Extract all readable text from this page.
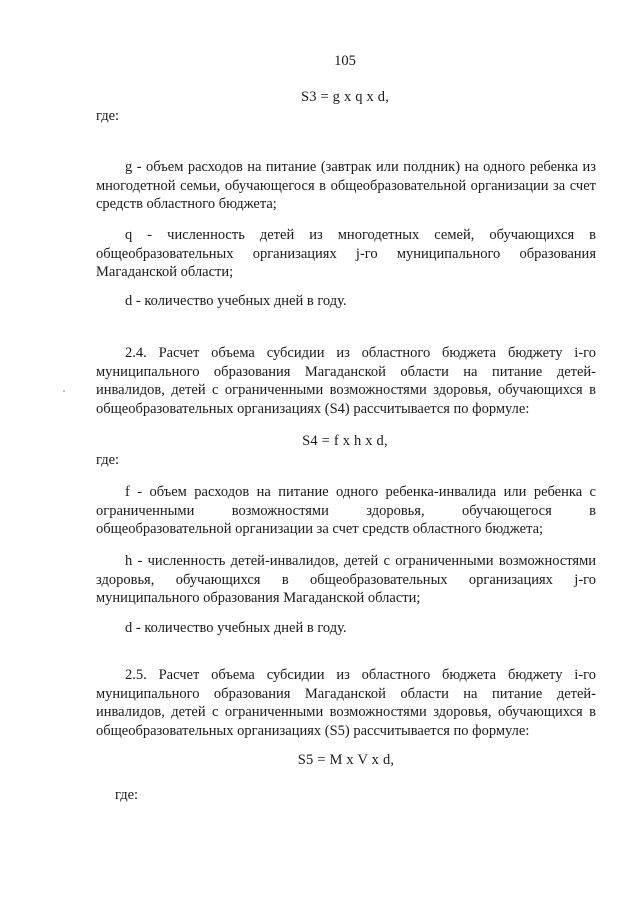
105
S3 = g x q x d,
где:

g - объем расходов на питание (завтрак или полдник) на одного ребенка из многодетной семьи, обучающегося в общеобразовательной организации за счет средств областного бюджета;

q - численность детей из многодетных семей, обучающихся в общеобразовательных организациях j-го муниципального образования Магаданской области;

d - количество учебных дней в году.

2.4. Расчет объема субсидии из областного бюджета бюджету i-го муниципального образования Магаданской области на питание детей-инвалидов, детей с ограниченными возможностями здоровья, обучающихся в общеобразовательных организациях (S4) рассчитывается по формуле:

S4 = f x h x d,
где:

f - объем расходов на питание одного ребенка-инвалида или ребенка с ограниченными возможностями здоровья, обучающегося в общеобразовательной организации за счет средств областного бюджета;

h - численность детей-инвалидов, детей с ограниченными возможностями здоровья, обучающихся в общеобразовательных организациях j-го муниципального образования Магаданской области;

d - количество учебных дней в году.

2.5. Расчет объема субсидии из областного бюджета бюджету i-го муниципального образования Магаданской области на питание детей-инвалидов, детей с ограниченными возможностями здоровья, обучающихся в общеобразовательных организациях (S5) рассчитывается по формуле:

S5 = M x V x d,
где:
